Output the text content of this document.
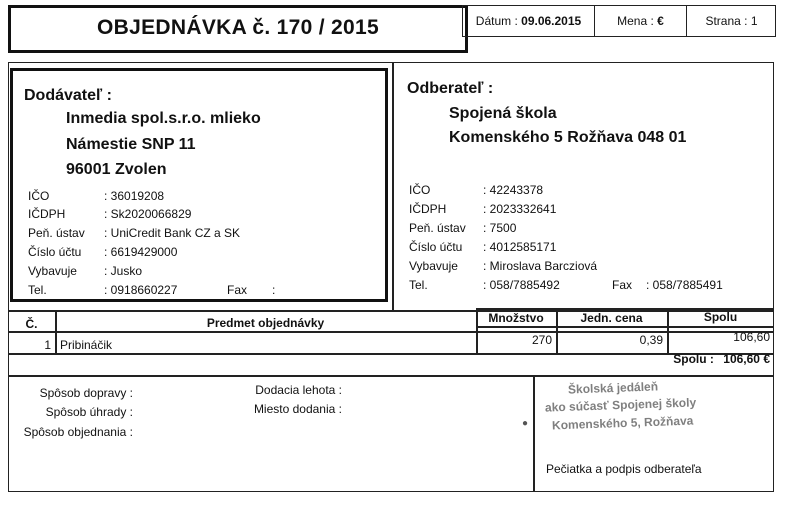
OBJEDNÁVKA č. 170 / 2015	Dátum : 09.06.2015	Mena : €	Strana : 1
Dodávateľ :
Inmedia spol.s.r.o. mlieko
Námestie SNP 11
96001 Zvolen
IČO	: 36019208
IČDPH	: Sk2020066829
Peň. ústav : UniCredit Bank CZ a SK
Číslo účtu : 6619429000
Vybavuje : Jusko
Tel.	: 0918660227	Fax :
Odberateľ :
Spojená škola
Komenského 5 Rožňava 048 01
IČO	: 42243378
IČDPH	: 2023332641
Peň. ústav : 7500
Číslo účtu : 4012585171
Vybavuje : Miroslava Barcziová
Tel.	: 058/7885492	Fax : 058/7885491
Č.	Predmet objednávky	Množstvo	Jedn. cena	Spolu
1 Pribináčik	270	0,39	106,60
Spolu : 106,60 €
Spôsob dopravy :
Spôsob úhrady :
Spôsob objednania :
Dodacia lehota :
Miesto dodania :
Školská jedáleň
ako súčasť Spojenej školy
Komenského 5, Rožňava
●
Pečiatka a podpis odberateľa
